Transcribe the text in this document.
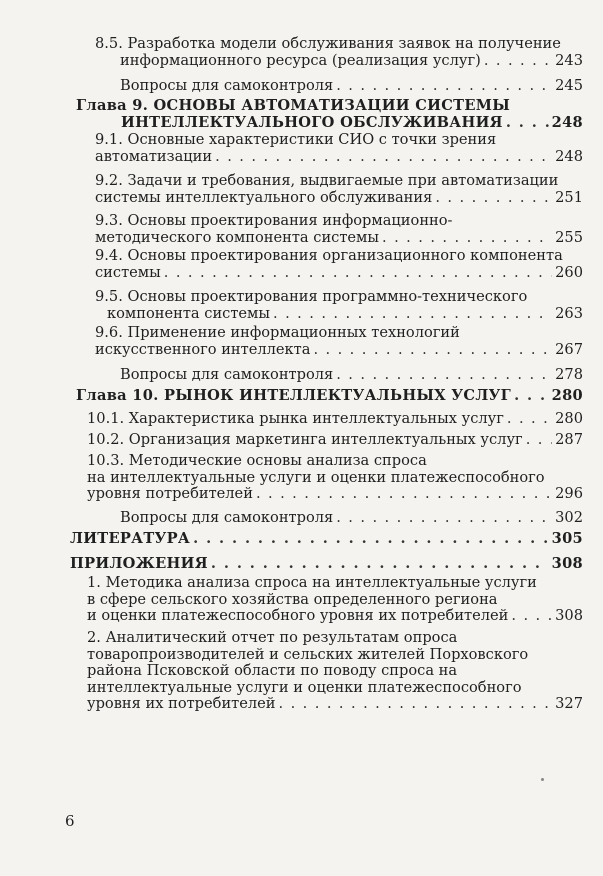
8.5. Разработка модели обслуживания заявок на получение
информационного ресурса (реализация услуг) . . .	243
Вопросы для самоконтроля . . .	245
Глава 9. ОСНОВЫ АВТОМАТИЗАЦИИ СИСТЕМЫ
ИНТЕЛЛЕКТУАЛЬНОГО ОБСЛУЖИВАНИЯ . . .	248
9.1. Основные характеристики СИО с точки зрения
автоматизации . . .	248
9.2. Задачи и требования, выдвигаемые при автоматизации
системы интеллектуального обслуживания . . .	251
9.3. Основы проектирования информационно-
методического компонента системы . . .	255
9.4. Основы проектирования организационного компонента
системы . . .	260
9.5. Основы проектирования программно-технического
компонента системы . . .	263
9.6. Применение информационных технологий
искусственного интеллекта . . .	267
Вопросы для самоконтроля . . .	278
Глава 10. РЫНОК ИНТЕЛЛЕКТУАЛЬНЫХ УСЛУГ . . .	280
10.1. Характеристика рынка интеллектуальных услуг . . .	280
10.2. Организация маркетинга интеллектуальных услуг . . . 287
10.3. Методические основы анализа спроса
на интеллектуальные услуги и оценки платежеспособного
уровня потребителей . . .	296
Вопросы для самоконтроля . . .	302
ЛИТЕРАТУРА . . .	305
ПРИЛОЖЕНИЯ . . .	308
1. Методика анализа спроса на интеллектуальные услуги
в сфере сельского хозяйства определенного региона
и оценки платежеспособного уровня их потребителей . . .	308
2. Аналитический отчет по результатам опроса
товаропроизводителей и сельских жителей Порховского
района Псковской области по поводу спроса на
интеллектуальные услуги и оценки платежеспособного
уровня их потребителей . . .	327
6
